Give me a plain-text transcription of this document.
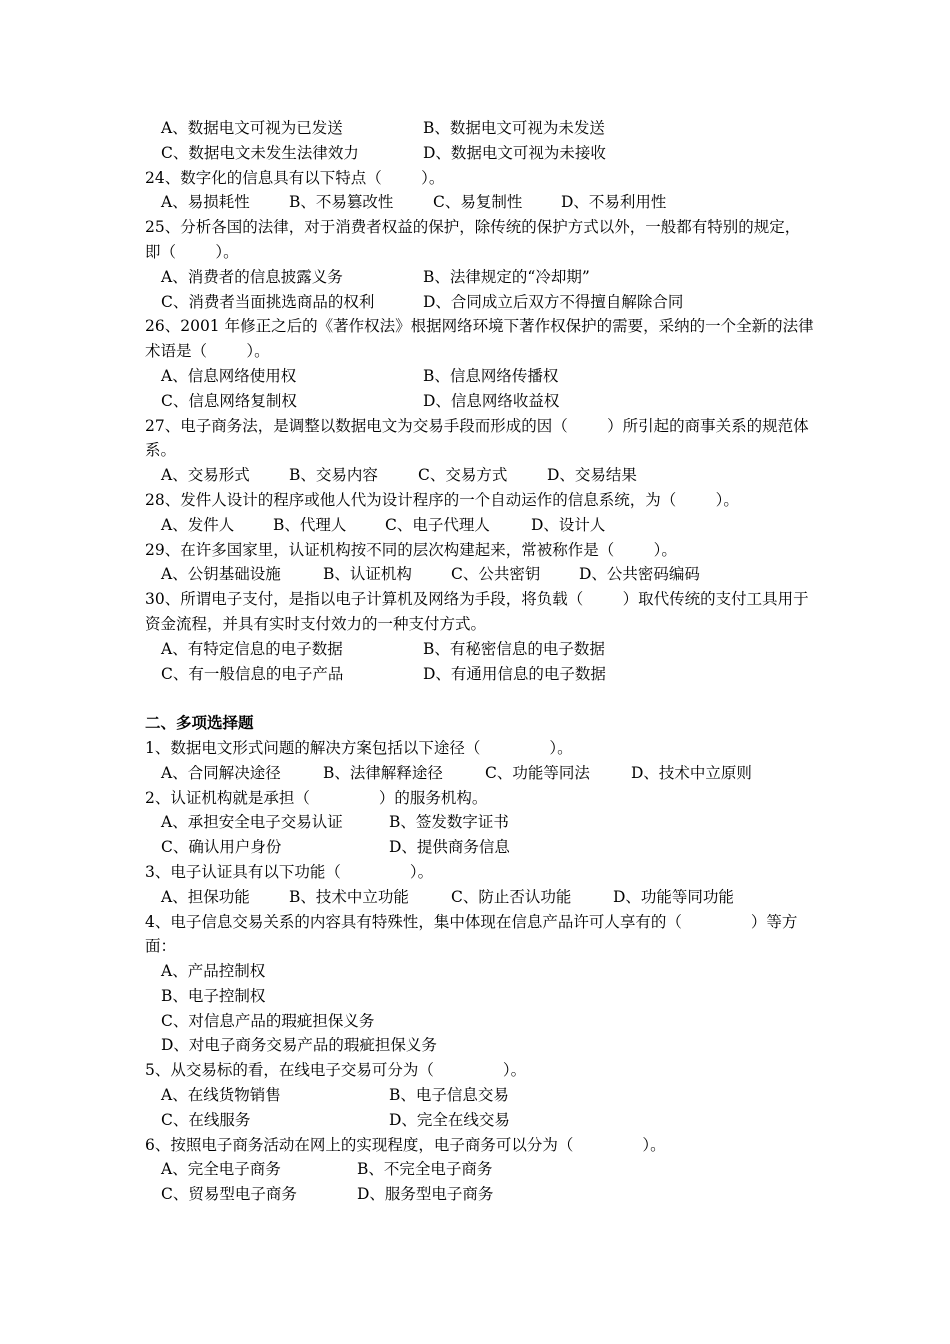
A、数据电文可视为已发送	B、数据电文可视为未发送
C、数据电文未发生法律效力	D、数据电文可视为未接收

24、数字化的信息具有以下特点（        ）。

A、易损耗性	B、不易篡改性	C、易复制性	D、不易利用性

25、分析各国的法律，对于消费者权益的保护，除传统的保护方式以外，一般都有特别的规定，即（        ）。

A、消费者的信息披露义务	B、法律规定的“冷却期”
C、消费者当面挑选商品的权利	D、合同成立后双方不得擅自解除合同

26、2001 年修正之后的《著作权法》根据网络环境下著作权保护的需要，采纳的一个全新的法律术语是（        ）。

A、信息网络使用权	B、信息网络传播权
C、信息网络复制权	D、信息网络收益权

27、电子商务法，是调整以数据电文为交易手段而形成的因（        ）所引起的商事关系的规范体系。

A、交易形式	B、交易内容	C、交易方式	D、交易结果

28、发件人设计的程序或他人代为设计程序的一个自动运作的信息系统，为（        ）。

A、发件人	B、代理人	C、电子代理人	D、设计人

29、在许多国家里，认证机构按不同的层次构建起来，常被称作是（        ）。

A、公钥基础设施	B、认证机构	C、公共密钥	D、公共密码编码

30、所谓电子支付，是指以电子计算机及网络为手段，将负载（        ）取代传统的支付工具用于资金流程，并具有实时支付效力的一种支付方式。

A、有特定信息的电子数据	B、有秘密信息的电子数据
C、有一般信息的电子产品	D、有通用信息的电子数据

二、多项选择题

1、数据电文形式问题的解决方案包括以下途径（              ）。

A、合同解决途径	B、法律解释途径	C、功能等同法	D、技术中立原则

2、认证机构就是承担（              ）的服务机构。

A、承担安全电子交易认证	B、签发数字证书
C、确认用户身份	D、提供商务信息

3、电子认证具有以下功能（              ）。

A、担保功能	B、技术中立功能	C、防止否认功能	D、功能等同功能

4、电子信息交易关系的内容具有特殊性，集中体现在信息产品许可人享有的（              ）等方面：

A、产品控制权
B、电子控制权
C、对信息产品的瑕疵担保义务
D、对电子商务交易产品的瑕疵担保义务

5、从交易标的看，在线电子交易可分为（              ）。

A、在线货物销售	B、电子信息交易
C、在线服务	D、完全在线交易

6、按照电子商务活动在网上的实现程度，电子商务可以分为（              ）。

A、完全电子商务	B、不完全电子商务
C、贸易型电子商务	D、服务型电子商务
